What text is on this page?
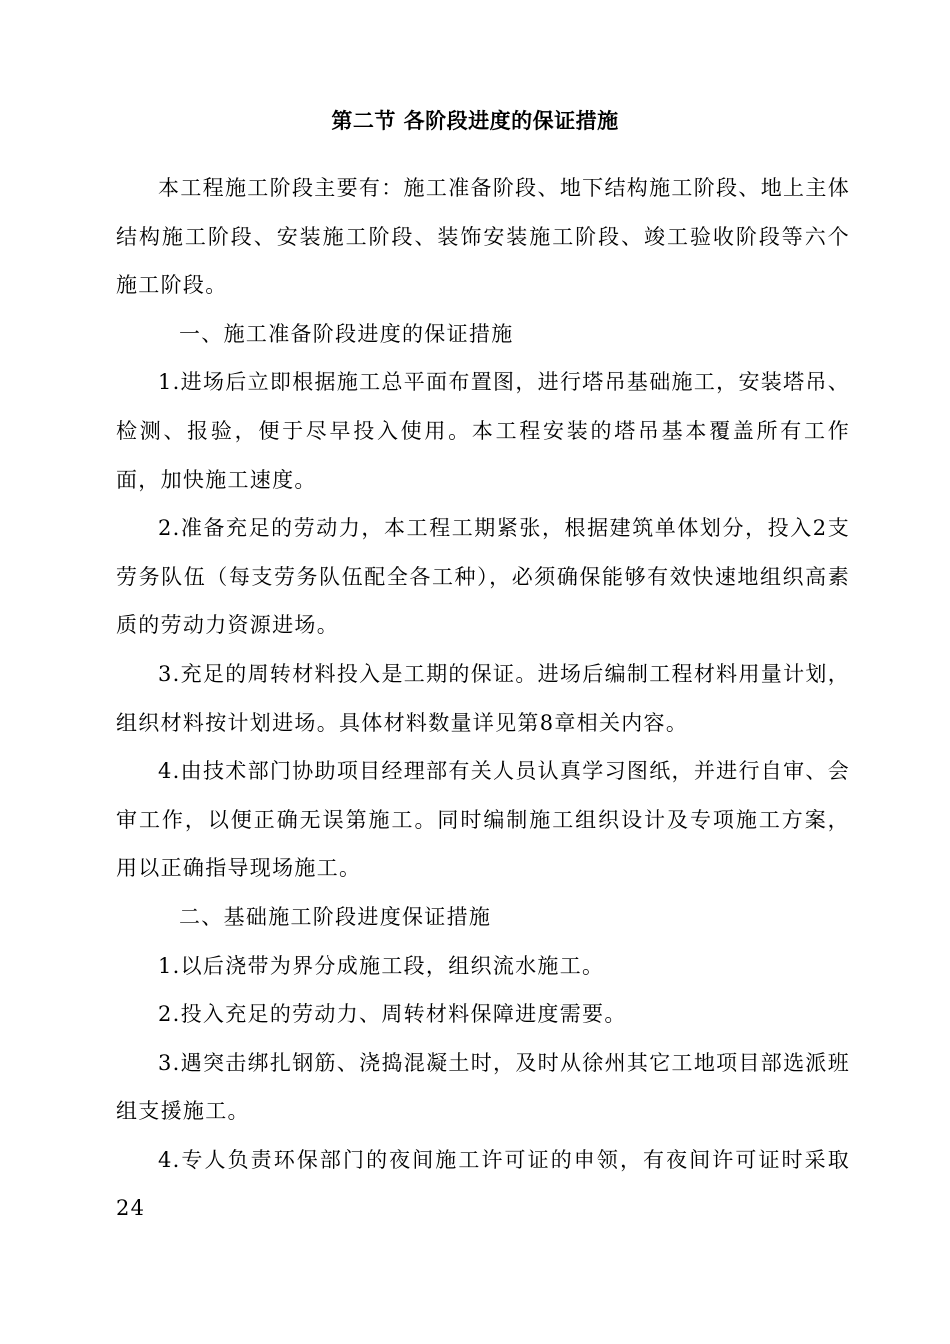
第二节 各阶段进度的保证措施

本工程施工阶段主要有：施工准备阶段、地下结构施工阶段、地上主体结构施工阶段、安装施工阶段、装饰安装施工阶段、竣工验收阶段等六个施工阶段。

一、施工准备阶段进度的保证措施

1.进场后立即根据施工总平面布置图，进行塔吊基础施工，安装塔吊、检测、报验，便于尽早投入使用。本工程安装的塔吊基本覆盖所有工作面，加快施工速度。

2.准备充足的劳动力，本工程工期紧张，根据建筑单体划分，投入2支劳务队伍（每支劳务队伍配全各工种），必须确保能够有效快速地组织高素质的劳动力资源进场。

3.充足的周转材料投入是工期的保证。进场后编制工程材料用量计划，组织材料按计划进场。具体材料数量详见第8章相关内容。

4.由技术部门协助项目经理部有关人员认真学习图纸，并进行自审、会审工作，以便正确无误第施工。同时编制施工组织设计及专项施工方案，用以正确指导现场施工。

二、基础施工阶段进度保证措施

1.以后浇带为界分成施工段，组织流水施工。

2.投入充足的劳动力、周转材料保障进度需要。

3.遇突击绑扎钢筋、浇捣混凝土时，及时从徐州其它工地项目部选派班组支援施工。

4.专人负责环保部门的夜间施工许可证的申领，有夜间许可证时采取24
